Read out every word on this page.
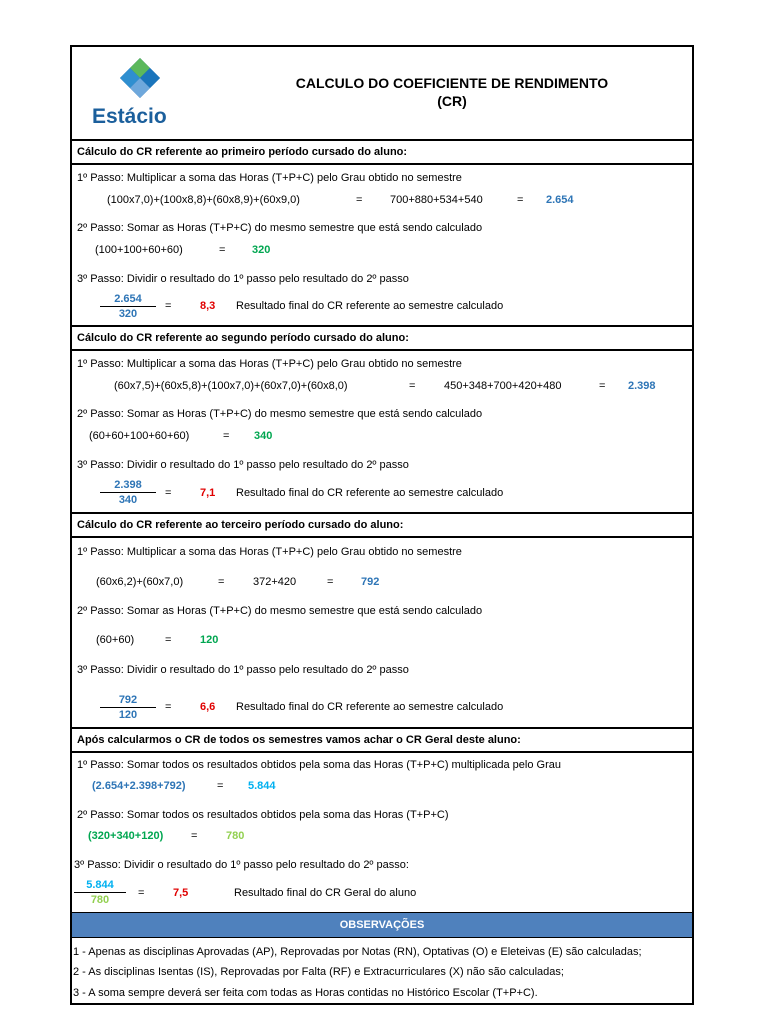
Estácio
CALCULO DO COEFICIENTE DE RENDIMENTO
(CR)
Cálculo do CR referente ao primeiro período cursado do aluno:
1º Passo: Multiplicar a soma das Horas (T+P+C) pelo Grau obtido no semestre
(100x7,0)+(100x8,8)+(60x8,9)+(60x9,0)	=	700+880+534+540	= 2.654
2º Passo: Somar as Horas (T+P+C) do mesmo semestre que está sendo calculado
(100+100+60+60)	= 320
3º Passo: Dividir o resultado do 1º passo pelo resultado do 2º passo
$\frac{2.654}{320}$ =	8,3 Resultado final do CR referente ao semestre calculado
Cálculo do CR referente ao segundo período cursado do aluno:
1º Passo: Multiplicar a soma das Horas (T+P+C) pelo Grau obtido no semestre
(60x7,5)+(60x5,8)+(100x7,0)+(60x7,0)+(60x8,0)	=	450+348+700+420+480	= 2.398
2º Passo: Somar as Horas (T+P+C) do mesmo semestre que está sendo calculado
(60+60+100+60+60)	= 340
3º Passo: Dividir o resultado do 1º passo pelo resultado do 2º passo
$\frac{2.398}{340}$ =	7,1 Resultado final do CR referente ao semestre calculado
Cálculo do CR referente ao terceiro período cursado do aluno:
1º Passo: Multiplicar a soma das Horas (T+P+C) pelo Grau obtido no semestre
(60x6,2)+(60x7,0)	=	372+420	=	792
2º Passo: Somar as Horas (T+P+C) do mesmo semestre que está sendo calculado
(60+60)	=	120
3º Passo: Dividir o resultado do 1º passo pelo resultado do 2º passo
$\frac{792}{120}$ =	6,6 Resultado final do CR referente ao semestre calculado
Após calcularmos o CR de todos os semestres vamos achar o CR Geral deste aluno:
1º Passo: Somar todos os resultados obtidos pela soma das Horas (T+P+C) multiplicada pelo Grau
(2.654+2.398+792)	= 5.844
2º Passo: Somar todos os resultados obtidos pela soma das Horas (T+P+C)
(320+340+120)	=	780
3º Passo: Dividir o resultado do 1º passo pelo resultado do 2º passo:
$\frac{5.844}{780}$ =	7,5	Resultado final do CR Geral do aluno
OBSERVAÇÕES
1 - Apenas as disciplinas Aprovadas (AP), Reprovadas por Notas (RN), Optativas (O) e Eleteivas (E) são calculadas;
2 - As disciplinas Isentas (IS), Reprovadas por Falta (RF) e Extracurriculares (X) não são calculadas;
3 - A soma sempre deverá ser feita com todas as Horas contidas no Histórico Escolar (T+P+C).
